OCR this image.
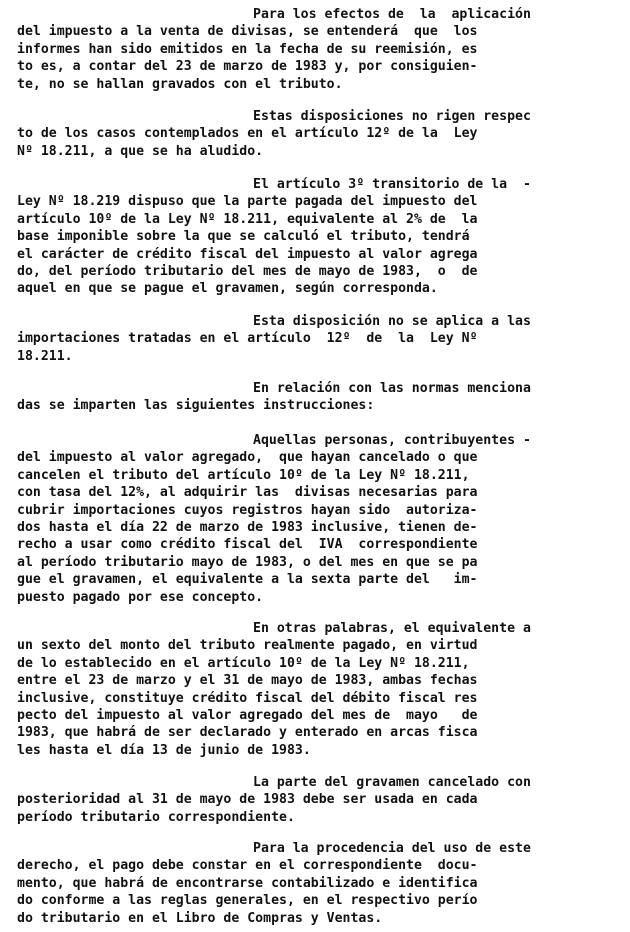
Para los efectos de  la  aplicación
del impuesto a la venta de divisas, se entenderá  que  los
informes han sido emitidos en la fecha de su reemisión, es
to es, a contar del 23 de marzo de 1983 y, por consiguien-
te, no se hallan gravados con el tributo.
Estas disposiciones no rigen respec
to de los casos contemplados en el artículo 12º de la  Ley
Nº 18.211, a que se ha aludido.
El artículo 3º transitorio de la  -
Ley Nº 18.219 dispuso que la parte pagada del impuesto del
artículo 10º de la Ley Nº 18.211, equivalente al 2% de  la
base imponible sobre la que se calculó el tributo, tendrá
el carácter de crédito fiscal del impuesto al valor agrega
do, del período tributario del mes de mayo de 1983,  o  de
aquel en que se pague el gravamen, según corresponda.
Esta disposición no se aplica a las
importaciones tratadas en el artículo  12º  de  la  Ley Nº
18.211.
En relación con las normas menciona
das se imparten las siguientes instrucciones:
Aquellas personas, contribuyentes -
del impuesto al valor agregado,  que hayan cancelado o que
cancelen el tributo del artículo 10º de la Ley Nº 18.211,
con tasa del 12%, al adquirir las  divisas necesarias para
cubrir importaciones cuyos registros hayan sido  autoriza-
dos hasta el día 22 de marzo de 1983 inclusive, tienen de-
recho a usar como crédito fiscal del  IVA  correspondiente
al período tributario mayo de 1983, o del mes en que se pa
gue el gravamen, el equivalente a la sexta parte del   im-
puesto pagado por ese concepto.
En otras palabras, el equivalente a
un sexto del monto del tributo realmente pagado, en virtud
de lo establecido en el artículo 10º de la Ley Nº 18.211,
entre el 23 de marzo y el 31 de mayo de 1983, ambas fechas
inclusive, constituye crédito fiscal del débito fiscal res
pecto del impuesto al valor agregado del mes de  mayo   de
1983, que habrá de ser declarado y enterado en arcas fisca
les hasta el día 13 de junio de 1983.
La parte del gravamen cancelado con
posterioridad al 31 de mayo de 1983 debe ser usada en cada
período tributario correspondiente.
Para la procedencia del uso de este
derecho, el pago debe constar en el correspondiente  docu-
mento, que habrá de encontrarse contabilizado e identifica
do conforme a las reglas generales, en el respectivo perío
do tributario en el Libro de Compras y Ventas.
